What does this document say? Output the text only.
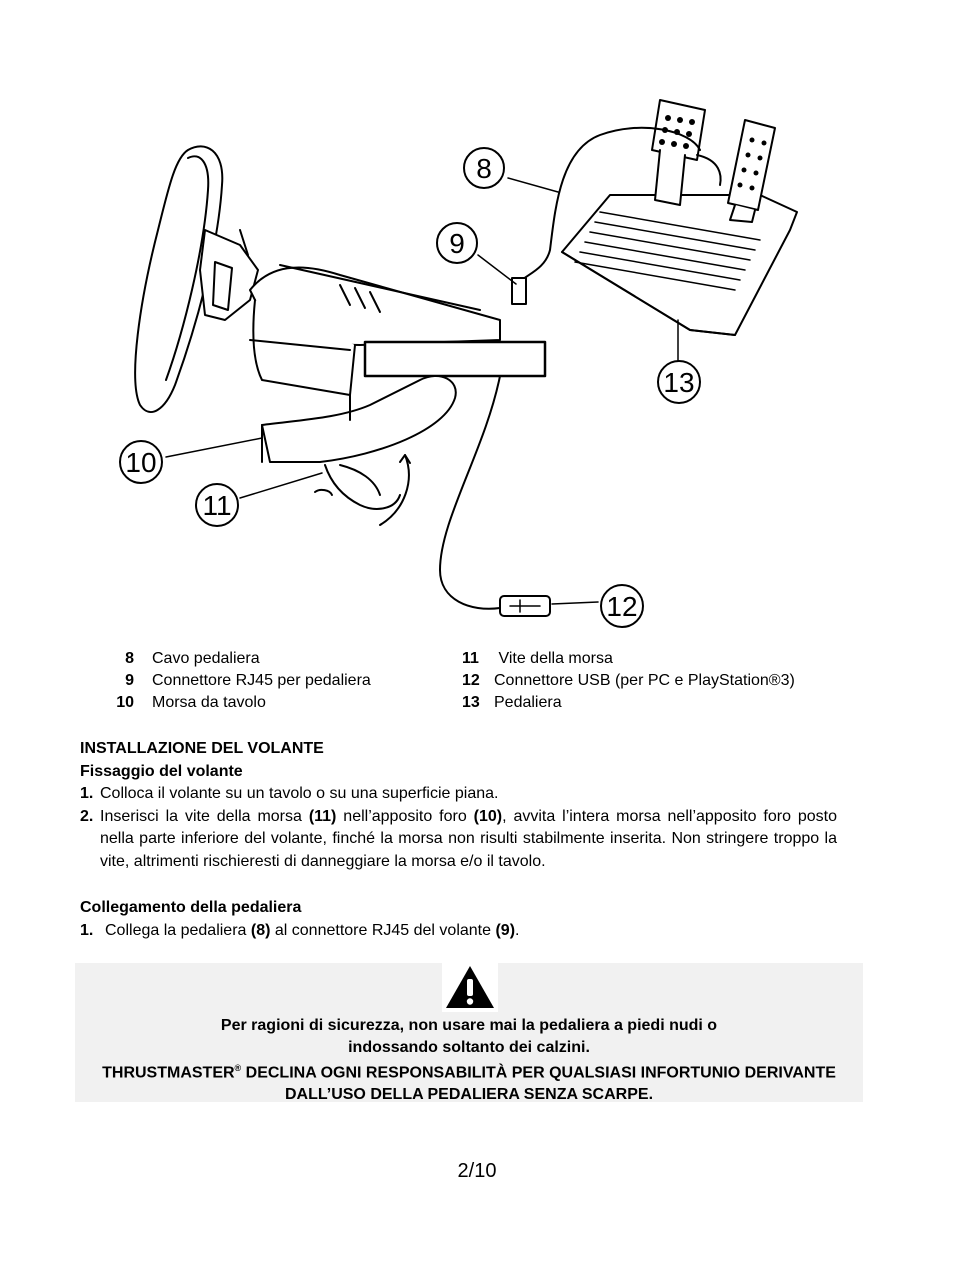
8
9
10
11
12
13
8	Cavo pedaliera
9	Connettore RJ45 per pedaliera
10	Morsa da tavolo
11 Vite della morsa
12 Connettore USB (per PC e PlayStation®3)
13 Pedaliera
INSTALLAZIONE DEL VOLANTE
Fissaggio del volante
1. Colloca il volante su un tavolo o su una superficie piana.
2. Inserisci la vite della morsa (11) nell’apposito foro (10), avvita l’intera morsa nell’apposito foro posto nella parte inferiore del volante, finché la morsa non risulti stabilmente inserita. Non stringere troppo la vite, altrimenti rischieresti di danneggiare la morsa e/o il tavolo.
Collegamento della pedaliera
1. Collega la pedaliera (8) al connettore RJ45 del volante (9).
Per ragioni di sicurezza, non usare mai la pedaliera a piedi nudi o
indossando soltanto dei calzini.
THRUSTMASTER® DECLINA OGNI RESPONSABILITÀ PER QUALSIASI INFORTUNIO DERIVANTE
DALL’USO DELLA PEDALIERA SENZA SCARPE.
2/10
